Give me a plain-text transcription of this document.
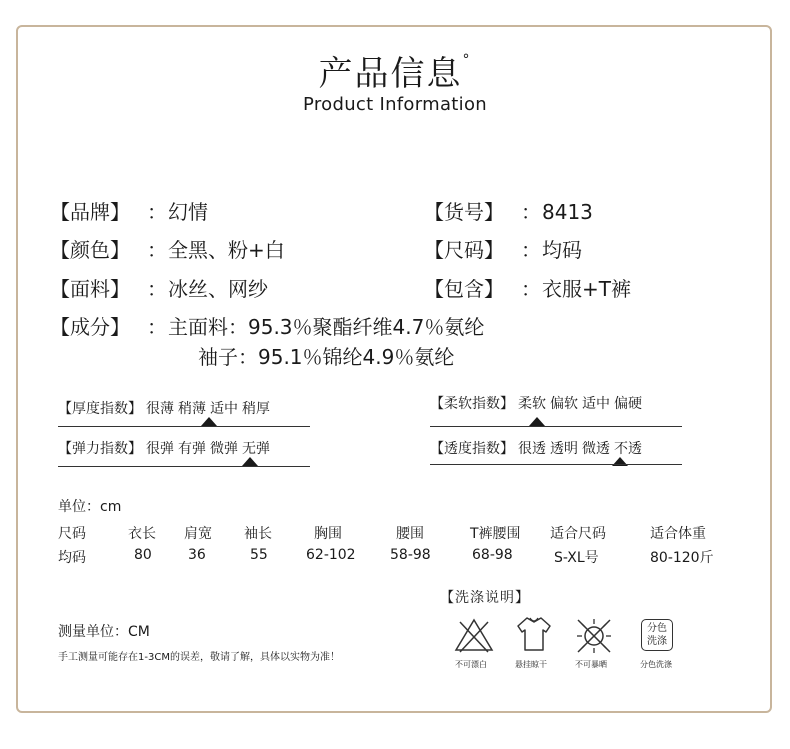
产品信息°
Product Information
【品牌】 ：幻情
【颜色】 ：全黑、粉+白
【面料】 ：冰丝、网纱
【成分】 ：主面料：95.3％聚酯纤维4.7％氨纶
袖子：95.1％锦纶4.9％氨纶
【货号】 ：8413
【尺码】 ：均码
【包含】 ：衣服+T裤
【厚度指数】 很薄 稍薄 适中 稍厚
【弹力指数】 很弹 有弹 微弹 无弹
【柔软指数】 柔软 偏软 适中 偏硬
【透度指数】 很透 透明 微透 不透
单位：cm
尺码	衣长 肩宽 袖长	胸围	腰围	T裤腰围 适合尺码	适合体重
均码	80	36	55	62-102 58-98	68-98	S-XL号	80-120斤
【洗涤说明】
不可漂白	悬挂晾干	不可暴晒
分色
洗涤
分色洗涤
测量单位：CM
手工测量可能存在1-3CM的误差，敬请了解，具体以实物为准！
